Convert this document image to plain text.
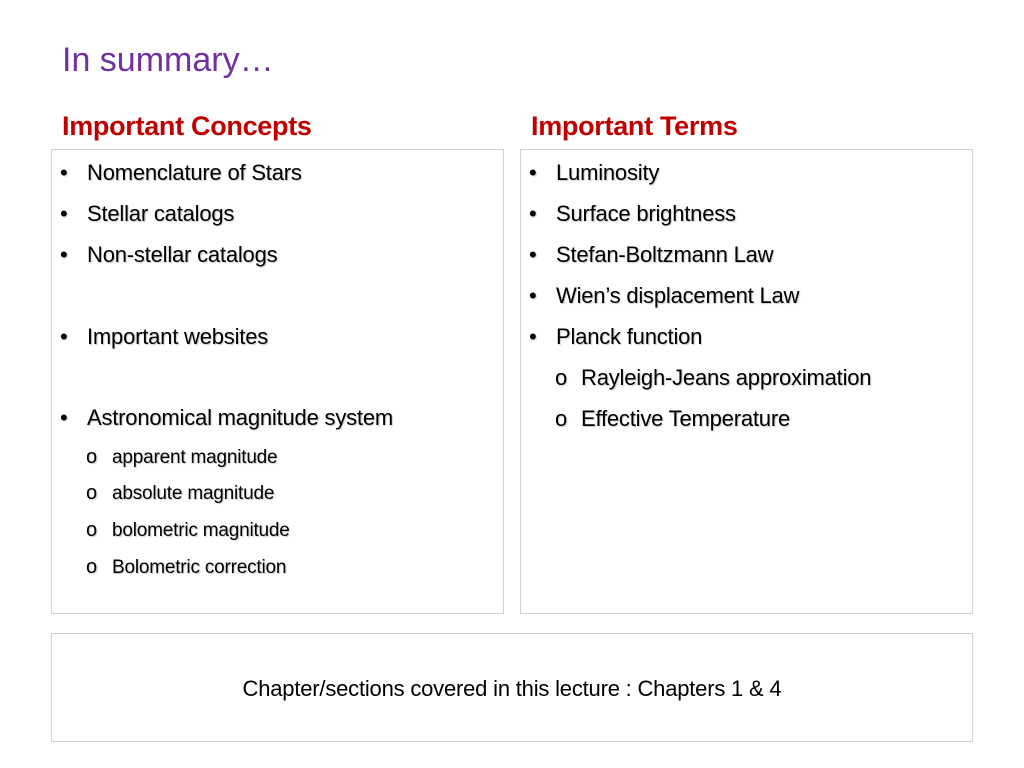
In summary…
Important Concepts	Important Terms
• Nomenclature of Stars
• Stellar catalogs
• Non-stellar catalogs
• Important websites
• Astronomical magnitude system
o apparent magnitude
o absolute magnitude
o bolometric magnitude
o Bolometric correction
• Luminosity
• Surface brightness
• Stefan-Boltzmann Law
• Wien’s displacement Law
• Planck function
o Rayleigh-Jeans approximation
o Effective Temperature
Chapter/sections covered in this lecture : Chapters 1 & 4
